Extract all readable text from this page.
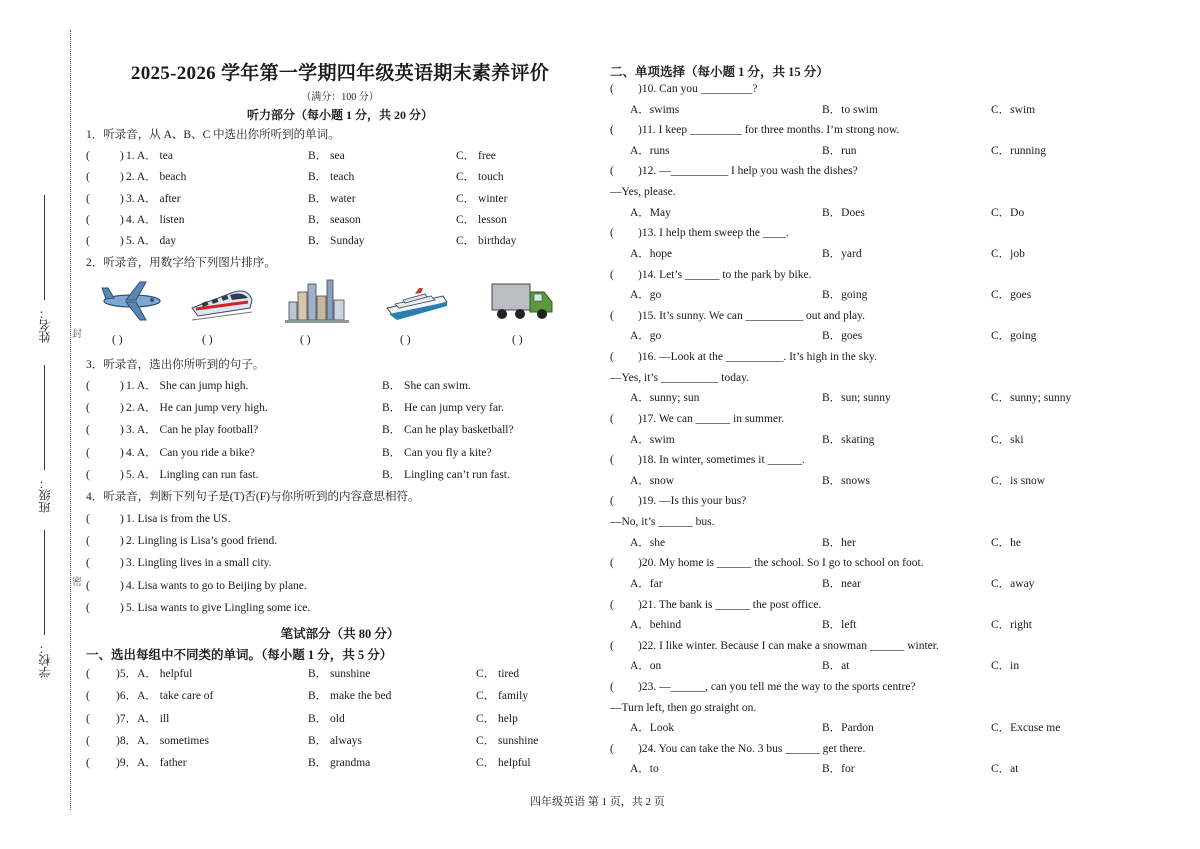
封
密
姓名：
班级：
学校：
2025-2026 学年第一学期四年级英语期末素养评价
（满分：100 分）
听力部分（每小题 1 分，共 20 分）
1．听录音，从 A、B、C 中选出你所听到的单词。
(	) 1. A． tea	B． sea	C． free
(	) 2. A． beach	B． teach	C． touch
(	) 3. A． after	B． water	C． winter
(	) 4. A． listen	B． season	C． lesson
(	) 5. A． day	B． Sunday	C． birthday
2．听录音，用数字给下列图片排序。
( )	( )	( )	( )	( )
3．听录音，选出你所听到的句子。
(	) 1. A． She can jump high.	B． She can swim.
(	) 2. A． He can jump very high.	B． He can jump very far.
(	) 3. A． Can he play football?	B． Can he play basketball?
(	) 4. A． Can you ride a bike?	B． Can you fly a kite?
(	) 5. A． Lingling can run fast.	B． Lingling can’t run fast.
4．听录音，判断下列句子是(T)否(F)与你所听到的内容意思相符。
(	) 1. Lisa is from the US.
(	) 2. Lingling is Lisa’s good friend.
(	) 3. Lingling lives in a small city.
(	) 4. Lisa wants to go to Beijing by plane.
(	) 5. Lisa wants to give Lingling some ice.
笔试部分（共 80 分）
一、选出每组中不同类的单词。（每小题 1 分，共 5 分）
( )5．A． helpful	B． sunshine	C． tired
( )6．A． take care of	B． make the bed	C． family
( )7．A． ill	B． old	C． help
( )8．A． sometimes	B． always	C． sunshine
( )9．A． father	B． grandma	C． helpful
二、单项选择（每小题 1 分，共 15 分）
( )10. Can you _________?
A．swims	B．to swim	C．swim
( )11. I keep _________ for three months. I’m strong now.
A．runs	B．run	C．running
( )12. —__________ I help you wash the dishes?
—Yes, please.
A．May	B．Does	C．Do
( )13. I help them sweep the ____.
A．hope	B．yard	C．job
( )14. Let’s ______ to the park by bike.
A．go	B．going	C．goes
( )15. It’s sunny. We can __________ out and play.
A．go	B．goes	C．going
( )16. —Look at the __________. It’s high in the sky.
—Yes, it’s __________ today.
A．sunny; sun	B．sun; sunny	C．sunny; sunny
( )17. We can ______ in summer.
A．swim	B．skating	C．ski
( )18. In winter, sometimes it ______.
A．snow	B．snows	C．is snow
( )19. —Is this your bus?
—No, it’s ______ bus.
A．she	B．her	C．he
( )20. My home is ______ the school. So I go to school on foot.
A．far	B．near	C．away
( )21. The bank is ______ the post office.
A．behind	B．left	C．right
( )22. I like winter. Because I can make a snowman ______ winter.
A．on	B．at	C．in
( )23. —______, can you tell me the way to the sports centre?
—Turn left, then go straight on.
A．Look	B．Pardon	C．Excuse me
( )24. You can take the No. 3 bus ______ get there.
A．to	B．for	C．at
四年级英语 第 1 页，共 2 页
